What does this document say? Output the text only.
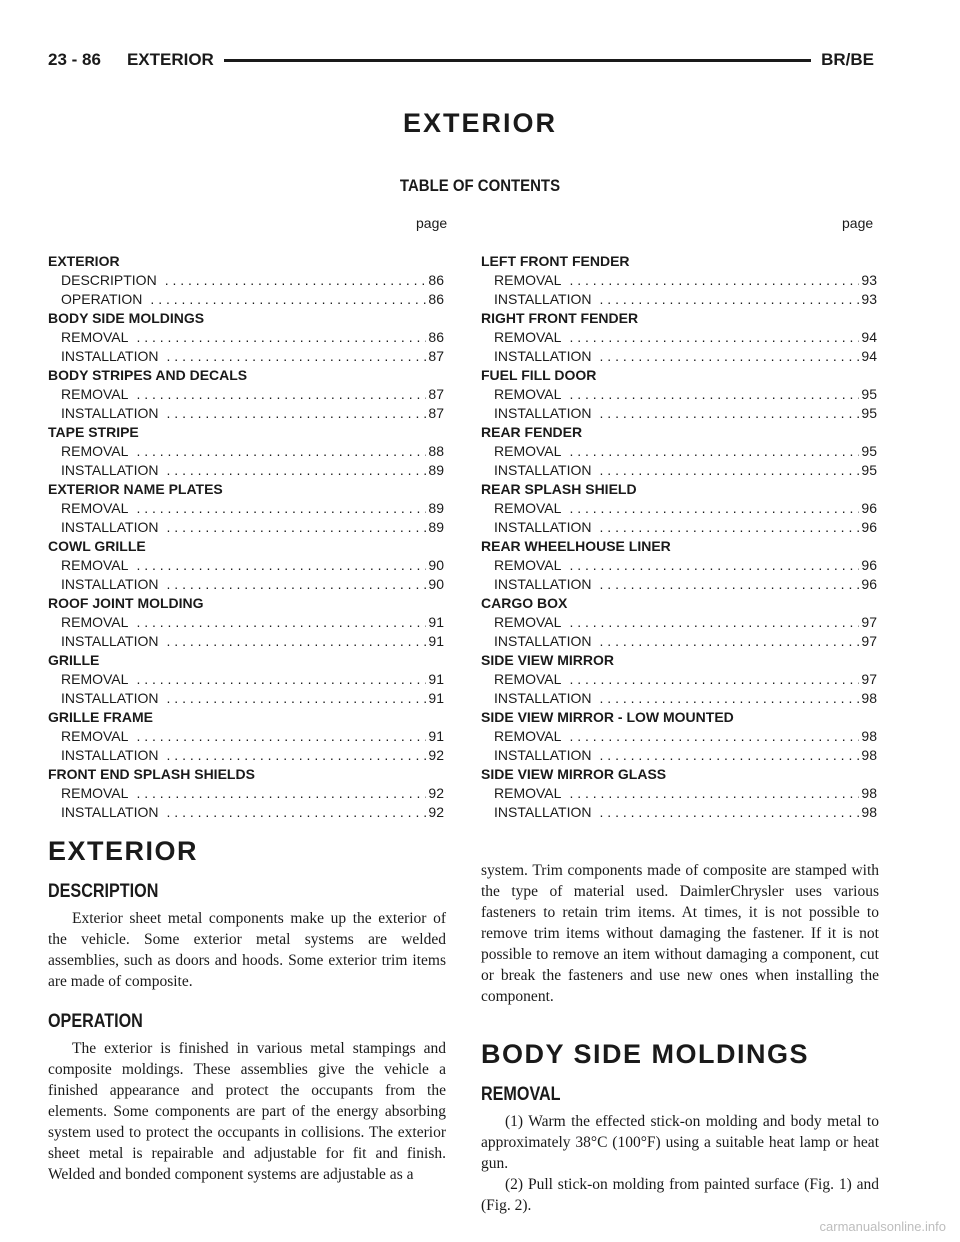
23 - 86 EXTERIOR	BR/BE
EXTERIOR
TABLE OF CONTENTS
page	page
EXTERIOR
DESCRIPTION . . .	86
OPERATION . . .	86
BODY SIDE MOLDINGS
REMOVAL . . .	86
INSTALLATION . . .	87
BODY STRIPES AND DECALS
REMOVAL . . .	87
INSTALLATION . . .	87
TAPE STRIPE
REMOVAL . . .	88
INSTALLATION . . .	89
EXTERIOR NAME PLATES
REMOVAL . . .	89
INSTALLATION . . .	89
COWL GRILLE
REMOVAL . . .	90
INSTALLATION . . .	90
ROOF JOINT MOLDING
REMOVAL . . .	91
INSTALLATION . . .	91
GRILLE
REMOVAL . . .	91
INSTALLATION . . .	91
GRILLE FRAME
REMOVAL . . .	91
INSTALLATION . . .	92
FRONT END SPLASH SHIELDS
REMOVAL . . .	92
INSTALLATION . . .	92
LEFT FRONT FENDER
REMOVAL . . .	93
INSTALLATION . . .	93
RIGHT FRONT FENDER
REMOVAL . . .	94
INSTALLATION . . .	94
FUEL FILL DOOR
REMOVAL . . .	95
INSTALLATION . . .	95
REAR FENDER
REMOVAL . . .	95
INSTALLATION . . .	95
REAR SPLASH SHIELD
REMOVAL . . .	96
INSTALLATION . . .	96
REAR WHEELHOUSE LINER
REMOVAL . . .	96
INSTALLATION . . .	96
CARGO BOX
REMOVAL . . .	97
INSTALLATION . . .	97
SIDE VIEW MIRROR
REMOVAL . . .	97
INSTALLATION . . .	98
SIDE VIEW MIRROR - LOW MOUNTED
REMOVAL . . .	98
INSTALLATION . . .	98
SIDE VIEW MIRROR GLASS
REMOVAL . . .	98
INSTALLATION . . .	98
EXTERIOR
DESCRIPTION

Exterior sheet metal components make up the exterior of the vehicle. Some exterior metal systems are welded assemblies, such as doors and hoods. Some exterior trim items are made of composite.

OPERATION

The exterior is finished in various metal stampings and composite moldings. These assemblies give the vehicle a finished appearance and protect the occupants from the elements. Some components are part of the energy absorbing system used to protect the occupants in collisions. The exterior sheet metal is repairable and adjustable for fit and finish. Welded and bonded component systems are adjustable as a

system. Trim components made of composite are stamped with the type of material used. DaimlerChrysler uses various fasteners to retain trim items. At times, it is not possible to remove trim items without damaging the fastener. If it is not possible to remove an item without damaging a component, cut or break the fasteners and use new ones when installing the component.

BODY SIDE MOLDINGS
REMOVAL

(1) Warm the effected stick-on molding and body metal to approximately 38°C (100°F) using a suitable heat lamp or heat gun.

(2) Pull stick-on molding from painted surface (Fig. 1) and (Fig. 2).

carmanualsonline.info
